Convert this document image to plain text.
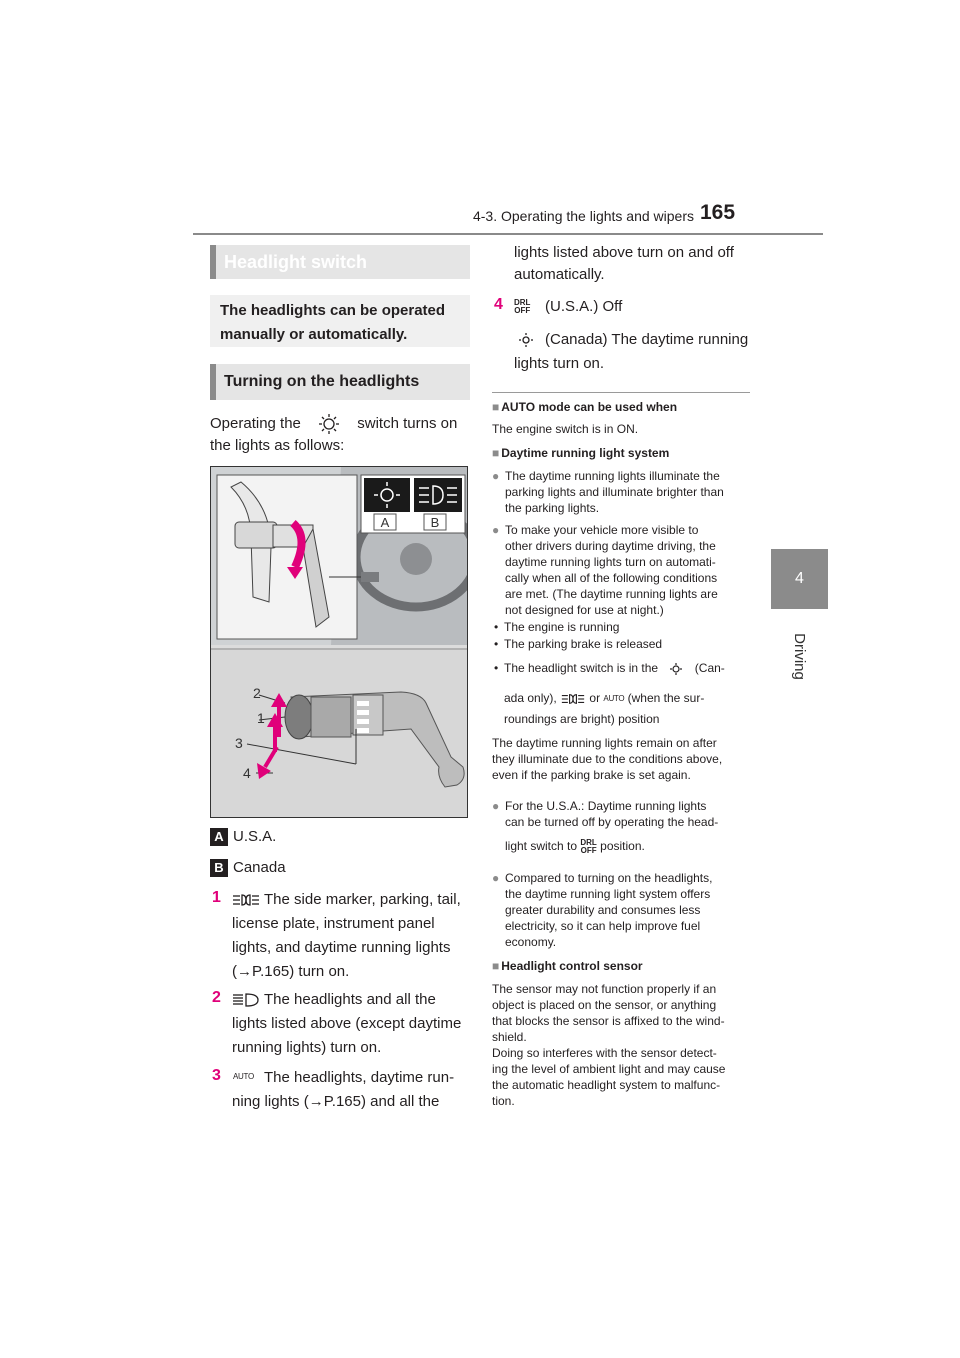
4-3. Operating the lights and wipers 165
4
Driving
Headlight switch
The headlights can be operated manually or automatically.
Turning on the headlights
Operating the	switch turns on
the lights as follows:
A	B
2
1
3
4
A U.S.A.
B Canada
1	The side marker, parking, tail,
license plate, instrument panel
lights, and daytime running lights
(→P.165) turn on.
2	The headlights and all the
lights listed above (except daytime
running lights) turn on.
3 AUTO The headlights, daytime run-
ning lights (→P.165) and all the
lights listed above turn on and off
automatically.
4 DRL
OFF (U.S.A.) Off
(Canada) The daytime running
lights turn on.
■ AUTO mode can be used when
The engine switch is in ON.
■ Daytime running light system
● The daytime running lights illuminate the
parking lights and illuminate brighter than
the parking lights.
● To make your vehicle more visible to
other drivers during daytime driving, the
daytime running lights turn on automati-
cally when all of the following conditions
are met. (The daytime running lights are
not designed for use at night.)
• The engine is running
• The parking brake is released
• The headlight switch is in the	(Can-
ada only),	or AUTO (when the sur-
roundings are bright) position
The daytime running lights remain on after
they illuminate due to the conditions above,
even if the parking brake is set again.
● For the U.S.A.: Daytime running lights
can be turned off by operating the head-
light switch to DRL
OFF position.
● Compared to turning on the headlights,
the daytime running light system offers
greater durability and consumes less
electricity, so it can help improve fuel
economy.
■ Headlight control sensor
The sensor may not function properly if an
object is placed on the sensor, or anything
that blocks the sensor is affixed to the wind-
shield.
Doing so interferes with the sensor detect-
ing the level of ambient light and may cause
the automatic headlight system to malfunc-
tion.
